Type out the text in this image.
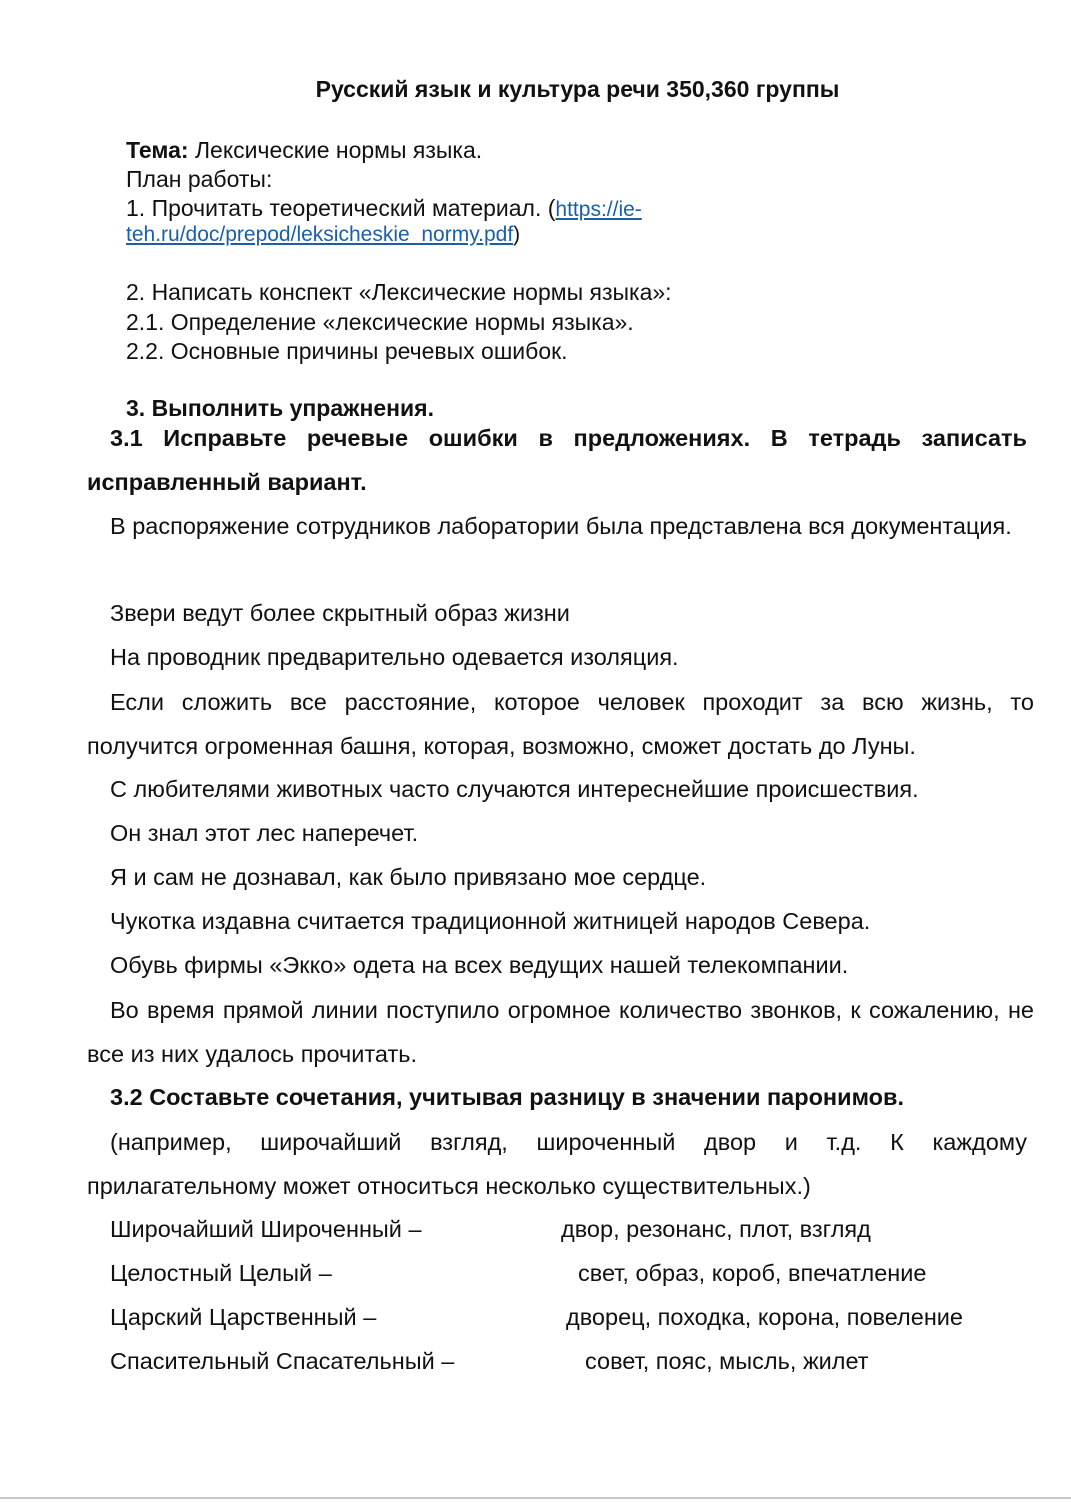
Русский язык и культура речи 350,360 группы
Тема: Лексические нормы языка.
План работы:
1. Прочитать теоретический материал. (https://ie-
teh.ru/doc/prepod/leksicheskie_normy.pdf)
2. Написать конспект «Лексические нормы языка»:
2.1. Определение «лексические нормы языка».
2.2. Основные причины речевых ошибок.
3. Выполнить упражнения.
3.1 Исправьте речевые ошибки в предложениях. В тетрадь записать исправленный вариант.
В распоряжение сотрудников лаборатории была представлена вся документация.
Звери ведут более скрытный образ жизни
На проводник предварительно одевается изоляция.
Если сложить все расстояние, которое человек проходит за всю жизнь, то получится огроменная башня, которая, возможно, сможет достать до Луны.
С любителями животных часто случаются интереснейшие происшествия.
Он знал этот лес наперечет.
Я и сам не дознавал, как было привязано мое сердце.
Чукотка издавна считается традиционной житницей народов Севера.
Обувь фирмы «Экко» одета на всех ведущих нашей телекомпании.
Во время прямой линии поступило огромное количество звонков, к сожалению, не все из них удалось прочитать.
3.2 Составьте сочетания, учитывая разницу в значении паронимов.
(например, широчайший взгляд, широченный двор и т.д. К каждому прилагательному может относиться несколько существительных.)
Широчайший Широченный –	двор, резонанс, плот, взгляд
Целостный Целый –	свет, образ, короб, впечатление
Царский Царственный –	дворец, походка, корона, повеление
Спасительный Спасательный –	совет, пояс, мысль, жилет
